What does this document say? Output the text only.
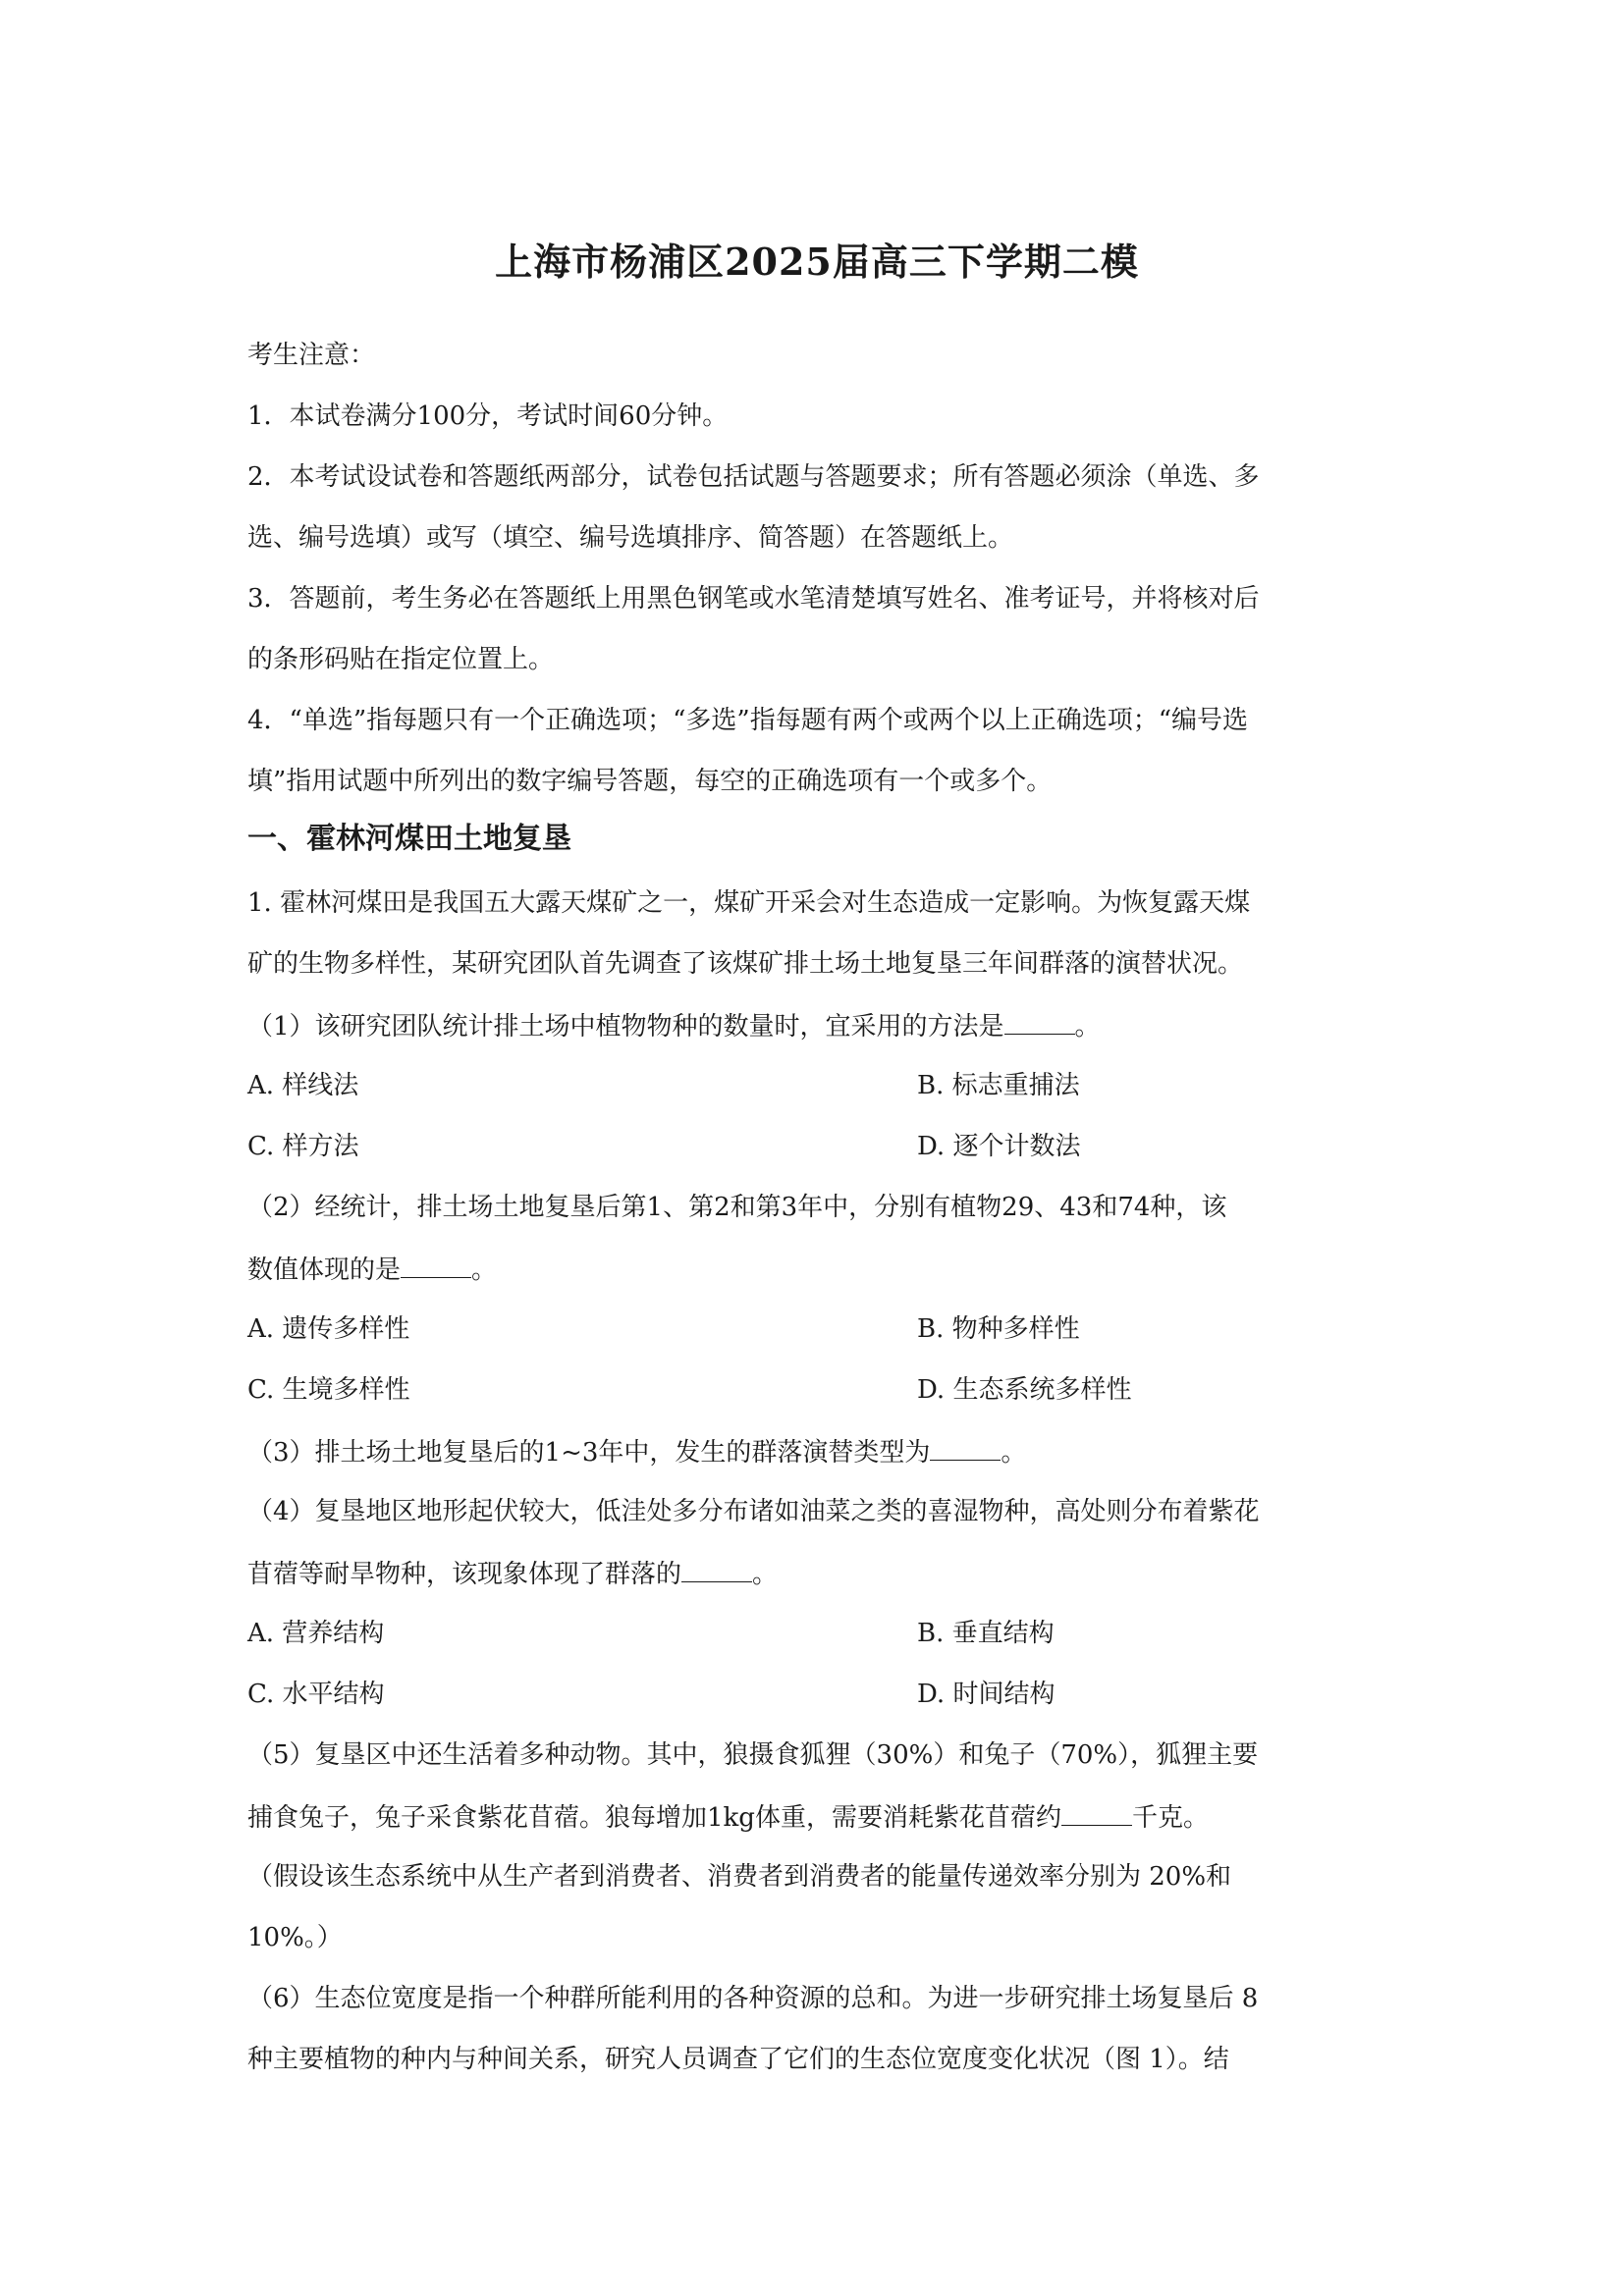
上海市杨浦区2025届高三下学期二模
考生注意：
1．本试卷满分100分，考试时间60分钟。
2．本考试设试卷和答题纸两部分，试卷包括试题与答题要求；所有答题必须涂（单选、多
选、编号选填）或写（填空、编号选填排序、简答题）在答题纸上。
3．答题前，考生务必在答题纸上用黑色钢笔或水笔清楚填写姓名、准考证号，并将核对后
的条形码贴在指定位置上。
4．“单选”指每题只有一个正确选项；“多选”指每题有两个或两个以上正确选项；“编号选
填”指用试题中所列出的数字编号答题，每空的正确选项有一个或多个。
一、霍林河煤田土地复垦
1. 霍林河煤田是我国五大露天煤矿之一，煤矿开采会对生态造成一定影响。为恢复露天煤
矿的生物多样性，某研究团队首先调查了该煤矿排土场土地复垦三年间群落的演替状况。
（1）该研究团队统计排土场中植物物种的数量时，宜采用的方法是	。
A. 样线法	B. 标志重捕法
C. 样方法	D. 逐个计数法
（2）经统计，排土场土地复垦后第1、第2和第3年中，分别有植物29、43和74种，该
数值体现的是	。
A. 遗传多样性	B. 物种多样性
C. 生境多样性	D. 生态系统多样性
（3）排土场土地复垦后的1~3年中，发生的群落演替类型为	。
（4）复垦地区地形起伏较大，低洼处多分布诸如油菜之类的喜湿物种，高处则分布着紫花
苜蓿等耐旱物种，该现象体现了群落的	。
A. 营养结构	B. 垂直结构
C. 水平结构	D. 时间结构
（5）复垦区中还生活着多种动物。其中，狼摄食狐狸（30%）和兔子（70%），狐狸主要
捕食兔子，兔子采食紫花苜蓿。狼每增加1kg体重，需要消耗紫花苜蓿约	千克。
（假设该生态系统中从生产者到消费者、消费者到消费者的能量传递效率分别为 20%和
10%。）
（6）生态位宽度是指一个种群所能利用的各种资源的总和。为进一步研究排土场复垦后 8
种主要植物的种内与种间关系，研究人员调查了它们的生态位宽度变化状况（图 1）。结
